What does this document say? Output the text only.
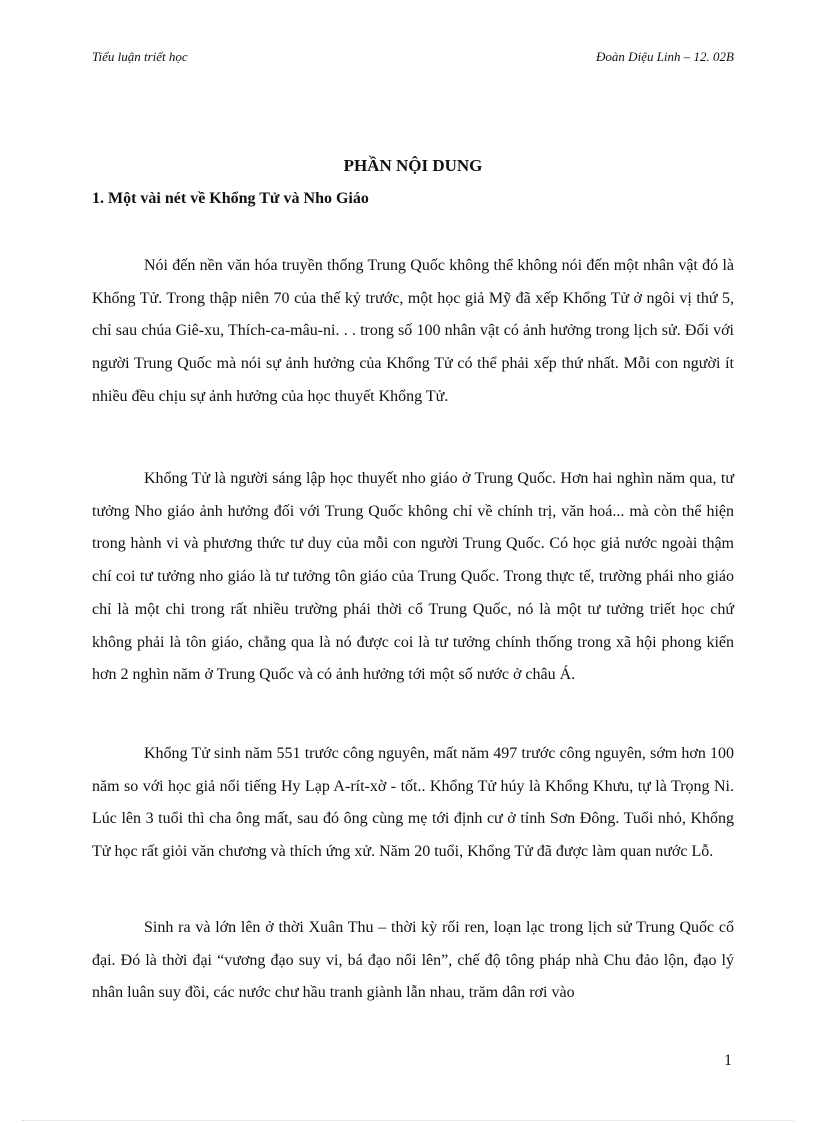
Tiểu luận triết học	Đoàn Diệu Linh – 12. 02B
PHẦN NỘI DUNG
1. Một vài nét về Khổng Tử và Nho Giáo

Nói đến nền văn hóa truyền thống Trung Quốc không thể không nói đến một nhân vật đó là Khổng Tử. Trong thập niên 70 của thế kỷ trước, một học giả Mỹ đã xếp Khổng Tử ở ngôi vị thứ 5, chỉ sau chúa Giê-xu, Thích-ca-mâu-ni. . . trong số 100 nhân vật có ảnh hưởng trong lịch sử. Đối với người Trung Quốc mà nói sự ảnh hưởng của Khổng Tử có thể phải xếp thứ nhất. Mỗi con người ít nhiều đều chịu sự ảnh hưởng của học thuyết Khổng Tử.

Khổng Tử là người sáng lập học thuyết nho giáo ở Trung Quốc. Hơn hai nghìn năm qua, tư tưởng Nho giáo ảnh hưởng đối với Trung Quốc không chỉ về chính trị, văn hoá... mà còn thể hiện trong hành vi và phương thức tư duy của mỗi con người Trung Quốc. Có học giả nước ngoài thậm chí coi tư tưởng nho giáo là tư tưởng tôn giáo của Trung Quốc. Trong thực tế, trường phái nho giáo chỉ là một chi trong rất nhiều trường phái thời cổ Trung Quốc, nó là một tư tưởng triết học chứ không phải là tôn giáo, chẳng qua là nó được coi là tư tưởng chính thống trong xã hội phong kiến hơn 2 nghìn năm ở Trung Quốc và có ảnh hưởng tới một số nước ở châu Á.

Khổng Tử sinh năm 551 trước công nguyên, mất năm 497 trước công nguyên, sớm hơn 100 năm so với học giả nổi tiếng Hy Lạp A-rít-xờ - tốt.. Khổng Tử húy là Khổng Khưu, tự là Trọng Ni. Lúc lên 3 tuổi thì cha ông mất, sau đó ông cùng mẹ tới định cư ở tỉnh Sơn Đông. Tuổi nhỏ, Khổng Tử học rất giỏi văn chương và thích ứng xử. Năm 20 tuổi, Khổng Tử đã được làm quan nước Lỗ.

Sinh ra và lớn lên ở thời Xuân Thu – thời kỳ rối ren, loạn lạc trong lịch sử Trung Quốc cổ đại. Đó là thời đại “vương đạo suy vi, bá đạo nổi lên”, chế độ tông pháp nhà Chu đảo lộn, đạo lý nhân luân suy đồi, các nước chư hầu tranh giành lẫn nhau, trăm dân rơi vào

1
